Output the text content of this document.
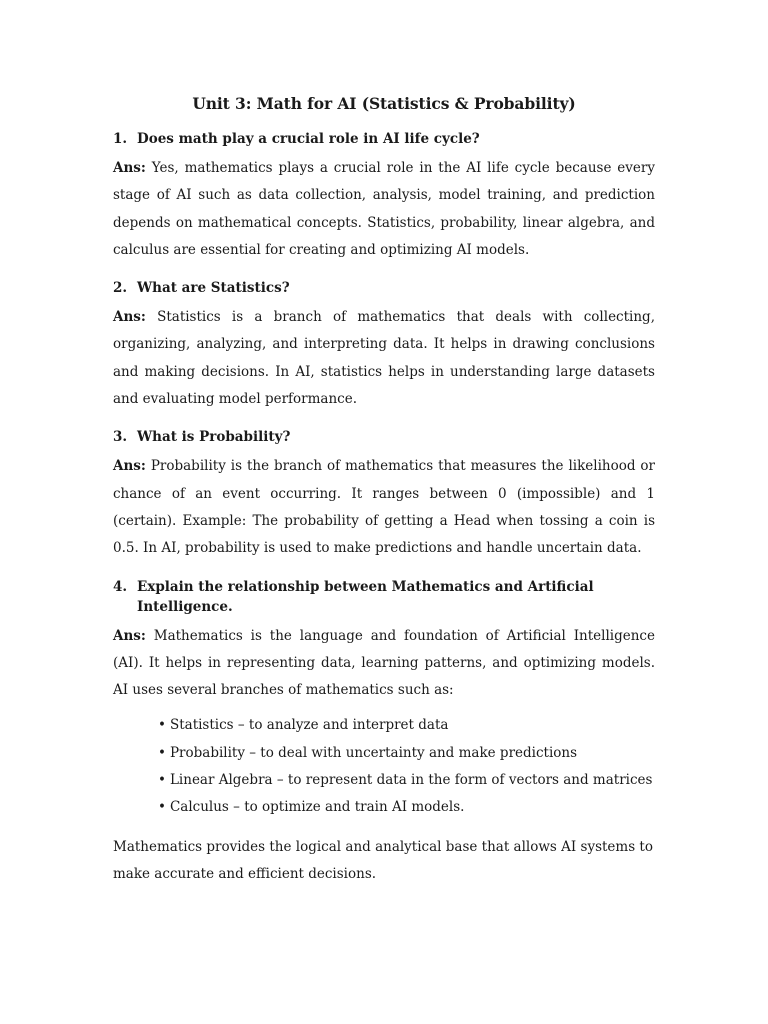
Unit 3: Math for AI (Statistics & Probability)
1. Does math play a crucial role in AI life cycle?

Ans: Yes, mathematics plays a crucial role in the AI life cycle because every stage of AI such as data collection, analysis, model training, and prediction depends on mathematical concepts. Statistics, probability, linear algebra, and calculus are essential for creating and optimizing AI models.

2. What are Statistics?

Ans: Statistics is a branch of mathematics that deals with collecting, organizing, analyzing, and interpreting data. It helps in drawing conclusions and making decisions. In AI, statistics helps in understanding large datasets and evaluating model performance.

3. What is Probability?

Ans: Probability is the branch of mathematics that measures the likelihood or chance of an event occurring. It ranges between 0 (impossible) and 1 (certain). Example: The probability of getting a Head when tossing a coin is 0.5. In AI, probability is used to make predictions and handle uncertain data.

4. Explain the relationship between Mathematics and Artificial Intelligence.

Ans: Mathematics is the language and foundation of Artificial Intelligence (AI). It helps in representing data, learning patterns, and optimizing models. AI uses several branches of mathematics such as:

• Statistics – to analyze and interpret data
• Probability – to deal with uncertainty and make predictions
• Linear Algebra – to represent data in the form of vectors and matrices
• Calculus – to optimize and train AI models.

Mathematics provides the logical and analytical base that allows AI systems to make accurate and efficient decisions.
